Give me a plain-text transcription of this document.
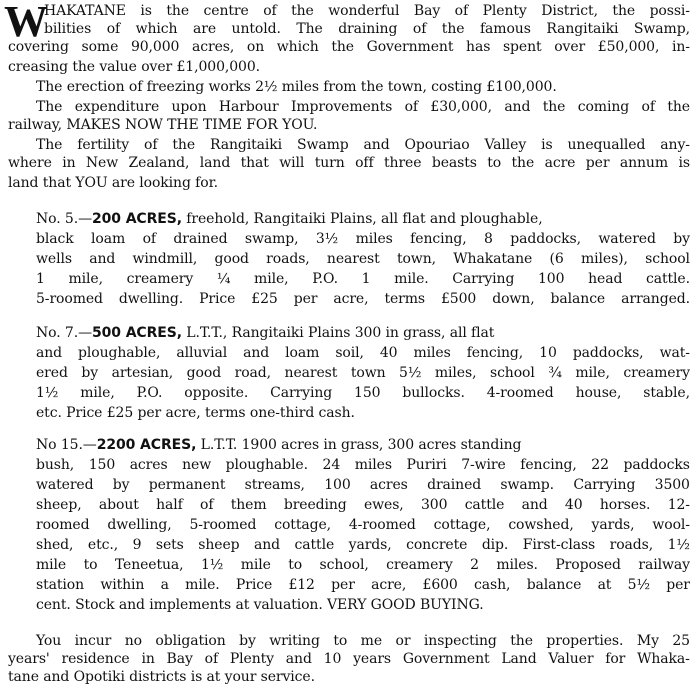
W
HAKATANE is the centre of the wonderful Bay of Plenty District, the possi-
bilities of which are untold. The draining of the famous Rangitaiki Swamp,
covering some 90,000 acres, on which the Government has spent over £50,000, in-
creasing the value over £1,000,000.
The erection of freezing works 2½ miles from the town, costing £100,000.
The expenditure upon Harbour Improvements of £30,000, and the coming of the
railway, MAKES NOW THE TIME FOR YOU.
The fertility of the Rangitaiki Swamp and Opouriao Valley is unequalled any-
where in New Zealand, land that will turn off three beasts to the acre per annum is
land that YOU are looking for.
No. 5.—200 ACRES, freehold, Rangitaiki Plains, all flat and ploughable,
black loam of drained swamp, 3½ miles fencing, 8 paddocks, watered by
wells and windmill, good roads, nearest town, Whakatane (6 miles), school
1 mile, creamery ¼ mile, P.O. 1 mile. Carrying 100 head cattle.
5-roomed dwelling. Price £25 per acre, terms £500 down, balance arranged.
No. 7.—500 ACRES, L.T.T., Rangitaiki Plains 300 in grass, all flat
and ploughable, alluvial and loam soil, 40 miles fencing, 10 paddocks, wat-
ered by artesian, good road, nearest town 5½ miles, school ¾ mile, creamery
1½ mile, P.O. opposite. Carrying 150 bullocks. 4-roomed house, stable,
etc. Price £25 per acre, terms one-third cash.
No 15.—2200 ACRES, L.T.T. 1900 acres in grass, 300 acres standing
bush, 150 acres new ploughable. 24 miles Puriri 7-wire fencing, 22 paddocks
watered by permanent streams, 100 acres drained swamp. Carrying 3500
sheep, about half of them breeding ewes, 300 cattle and 40 horses. 12-
roomed dwelling, 5-roomed cottage, 4-roomed cottage, cowshed, yards, wool-
shed, etc., 9 sets sheep and cattle yards, concrete dip. First-class roads, 1½
mile to Teneetua, 1½ mile to school, creamery 2 miles. Proposed railway
station within a mile. Price £12 per acre, £600 cash, balance at 5½ per
cent. Stock and implements at valuation. VERY GOOD BUYING.
You incur no obligation by writing to me or inspecting the properties. My 25
years' residence in Bay of Plenty and 10 years Government Land Valuer for Whaka-
tane and Opotiki districts is at your service.
